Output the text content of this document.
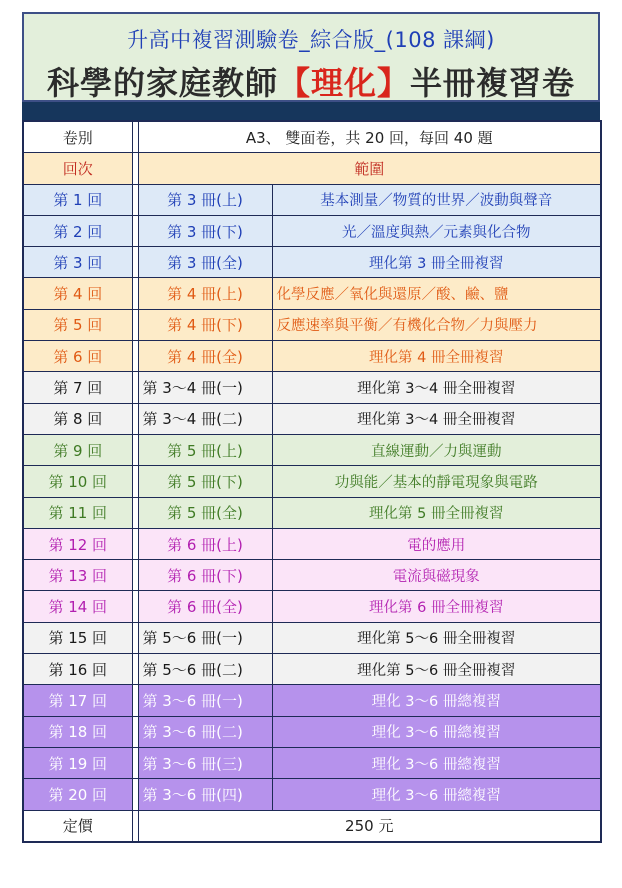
升高中複習測驗卷_綜合版_(108 課綱)
科學的家庭教師【理化】半冊複習卷
卷別		A3、 雙面卷，共 20 回，每回 40 題	
回次		範圍	
第 1 回		第 3 冊(上)	基本測量／物質的世界／波動與聲音
第 2 回		第 3 冊(下)	光／溫度與熱／元素與化合物
第 3 回		第 3 冊(全)	理化第 3 冊全冊複習
第 4 回		第 4 冊(上)	化學反應／氧化與還原／酸、鹼、鹽
第 5 回		第 4 冊(下)	反應速率與平衡／有機化合物／力與壓力
第 6 回		第 4 冊(全)	理化第 4 冊全冊複習
第 7 回		第 3～4 冊(一)	理化第 3～4 冊全冊複習
第 8 回		第 3～4 冊(二)	理化第 3～4 冊全冊複習
第 9 回		第 5 冊(上)	直線運動／力與運動
第 10 回		第 5 冊(下)	功與能／基本的靜電現象與電路
第 11 回		第 5 冊(全)	理化第 5 冊全冊複習
第 12 回		第 6 冊(上)	電的應用
第 13 回		第 6 冊(下)	電流與磁現象
第 14 回		第 6 冊(全)	理化第 6 冊全冊複習
第 15 回		第 5～6 冊(一)	理化第 5～6 冊全冊複習
第 16 回		第 5～6 冊(二)	理化第 5～6 冊全冊複習
第 17 回		第 3～6 冊(一)	理化 3～6 冊總複習
第 18 回		第 3～6 冊(二)	理化 3～6 冊總複習
第 19 回		第 3～6 冊(三)	理化 3～6 冊總複習
第 20 回		第 3～6 冊(四)	理化 3～6 冊總複習
定價		250 元	
